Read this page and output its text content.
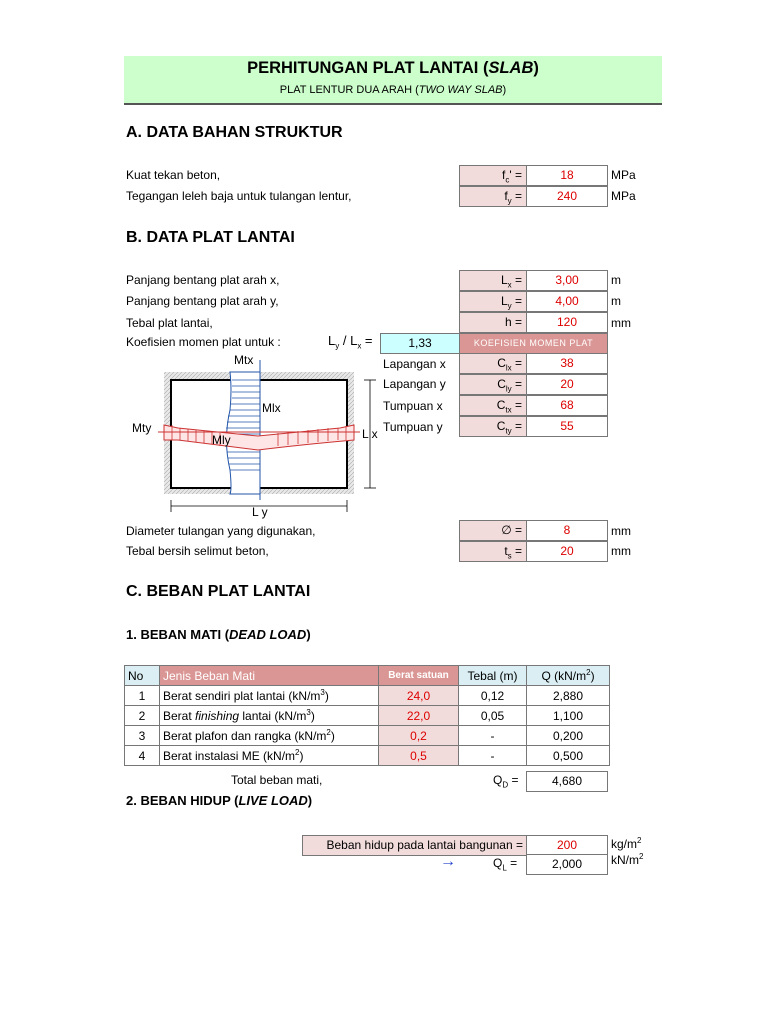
PERHITUNGAN PLAT LANTAI (SLAB)
PLAT LENTUR DUA ARAH (TWO WAY SLAB)
A. DATA BAHAN STRUKTUR
Kuat tekan beton,	$f_c'$ =	18	MPa
Tegangan leleh baja untuk tulangan lentur,	$f_y$ =	240	MPa
B. DATA PLAT LANTAI
Panjang bentang plat arah x,	$L_x$ =	3,00	m
Panjang bentang plat arah y,	$L_y$ =	4,00	m
Tebal plat lantai,	h =	120	mm
Koefisien momen plat untuk :	$L_y / L_x$ =	1,33	KOEFISIEN MOMEN PLAT
Lapangan x	$C_{lx}$ =	38
Lapangan y	$C_{ly}$ =	20
Tumpuan x	$C_{tx}$ =	68
Tumpuan y	$C_{ty}$ =	55
Mtx
Mlx
Mty
Mly	L x
L y
Diameter tulangan yang digunakan,	∅ =	8	mm
Tebal bersih selimut beton,	$t_s$ =	20	mm
C. BEBAN PLAT LANTAI
1. BEBAN MATI (DEAD LOAD)
No	Jenis Beban Mati	Berat satuan	Tebal (m)	Q $(kN/m^2)$
1	Berat sendiri plat lantai $(kN/m^3)$	24,0	0,12	2,880
2	Berat finishing lantai $(kN/m^3)$	22,0	0,05	1,100
3	Berat plafon dan rangka $(kN/m^2)$	0,2	-	0,200
4	Berat instalasi ME $(kN/m^2)$	0,5	-	0,500
Total beban mati,	$Q_D$ =	4,680
2. BEBAN HIDUP (LIVE LOAD)
Beban hidup pada lantai bangunan =	200	$kg/m^2$
→	$Q_L$ =	2,000	$kN/m^2$
